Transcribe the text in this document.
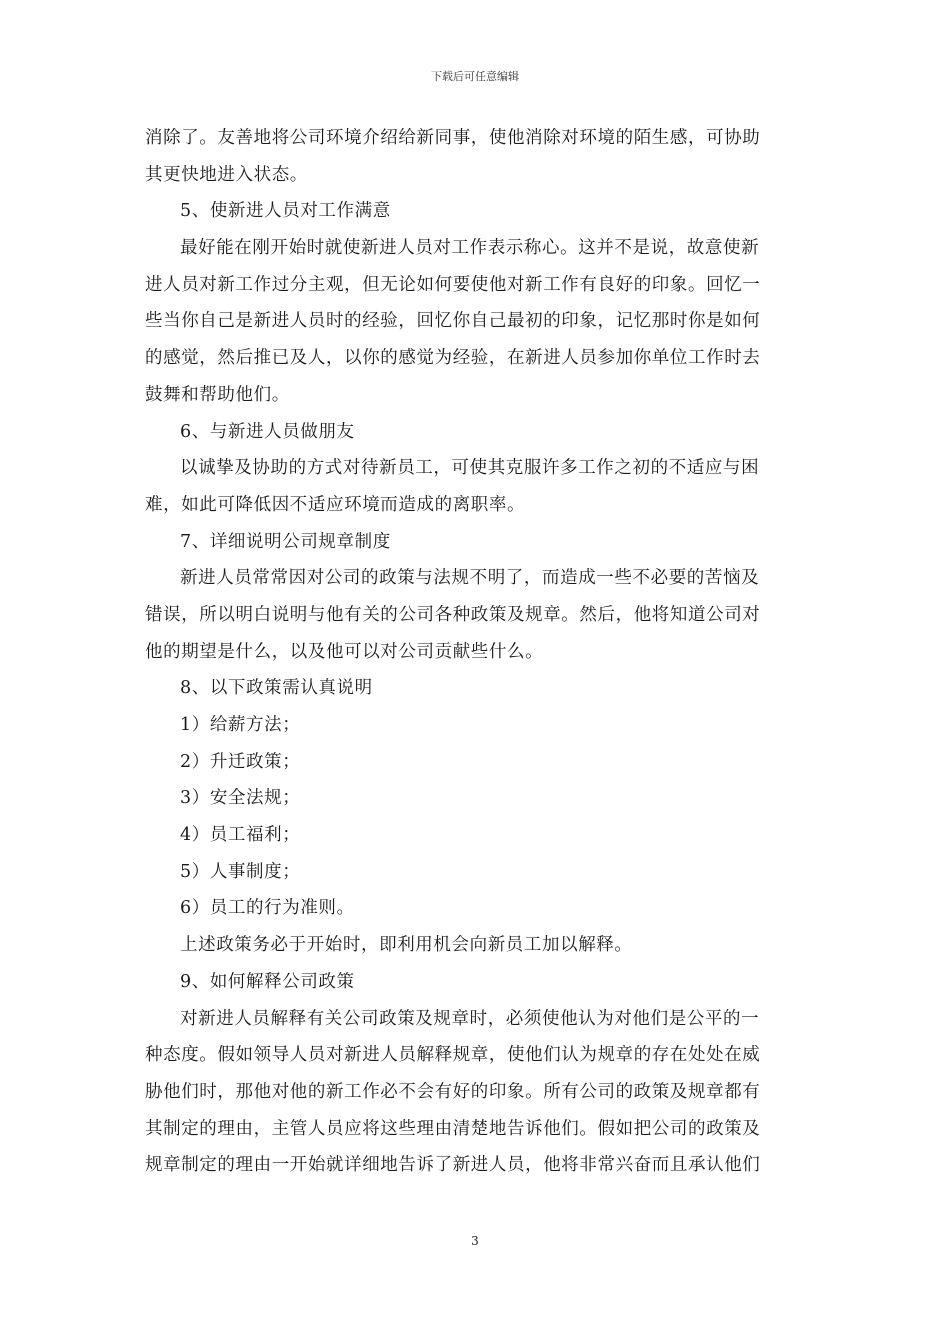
下载后可任意编辑
消除了。友善地将公司环境介绍给新同事，使他消除对环境的陌生感，可协助
其更快地进入状态。
5、使新进人员对工作满意
最好能在刚开始时就使新进人员对工作表示称心。这并不是说，故意使新
进人员对新工作过分主观，但无论如何要使他对新工作有良好的印象。回忆一
些当你自己是新进人员时的经验，回忆你自己最初的印象，记忆那时你是如何
的感觉，然后推已及人，以你的感觉为经验，在新进人员参加你单位工作时去
鼓舞和帮助他们。
6、与新进人员做朋友
以诚挚及协助的方式对待新员工，可使其克服许多工作之初的不适应与困
难，如此可降低因不适应环境而造成的离职率。
7、详细说明公司规章制度
新进人员常常因对公司的政策与法规不明了，而造成一些不必要的苦恼及
错误，所以明白说明与他有关的公司各种政策及规章。然后，他将知道公司对
他的期望是什么，以及他可以对公司贡献些什么。
8、以下政策需认真说明
1）给薪方法；
2）升迁政策；
3）安全法规；
4）员工福利；
5）人事制度；
6）员工的行为准则。
上述政策务必于开始时，即利用机会向新员工加以解释。
9、如何解释公司政策
对新进人员解释有关公司政策及规章时，必须使他认为对他们是公平的一
种态度。假如领导人员对新进人员解释规章，使他们认为规章的存在处处在威
胁他们时，那他对他的新工作必不会有好的印象。所有公司的政策及规章都有
其制定的理由，主管人员应将这些理由清楚地告诉他们。假如把公司的政策及
规章制定的理由一开始就详细地告诉了新进人员，他将非常兴奋而且承认他们
3
